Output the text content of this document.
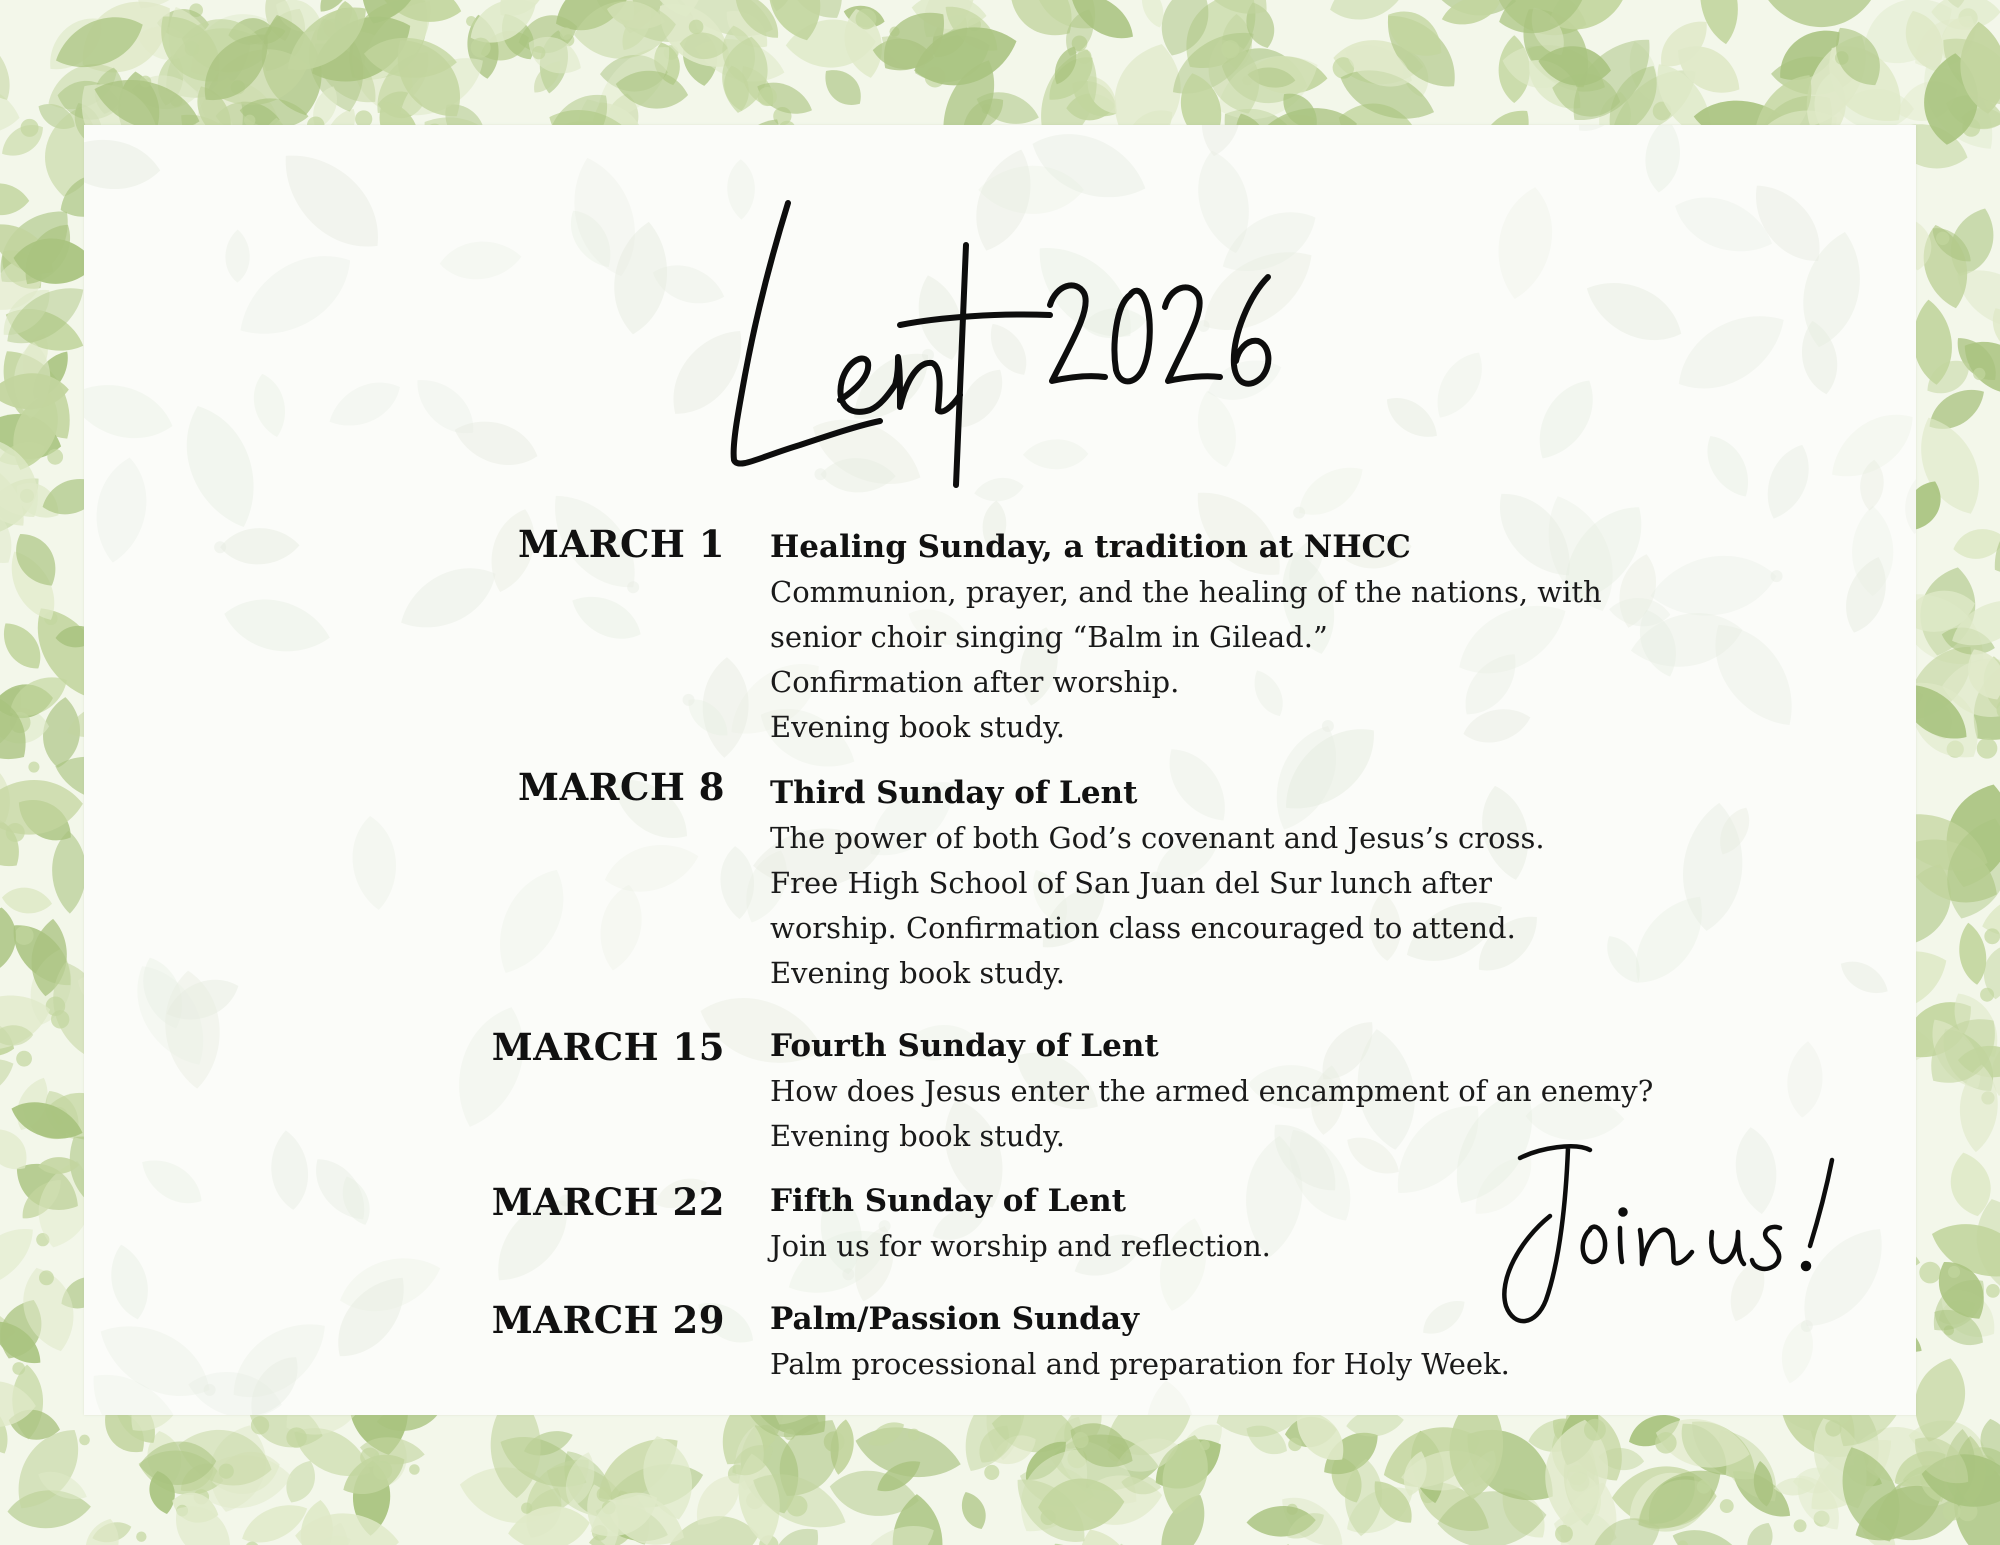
MARCH 1 Healing Sunday, a tradition at NHCC

Communion, prayer, and the healing of the nations, with

senior choir singing “Balm in Gilead.”

Confirmation after worship.

Evening book study.

MARCH 8 Third Sunday of Lent

The power of both God’s covenant and Jesus’s cross.

Free High School of San Juan del Sur lunch after

worship. Confirmation class encouraged to attend.

Evening book study.

MARCH 15 Fourth Sunday of Lent

How does Jesus enter the armed encampment of an enemy?

Evening book study.

MARCH 22 Fifth Sunday of Lent

Join us for worship and reflection.

MARCH 29 Palm/Passion Sunday

Palm processional and preparation for Holy Week.
